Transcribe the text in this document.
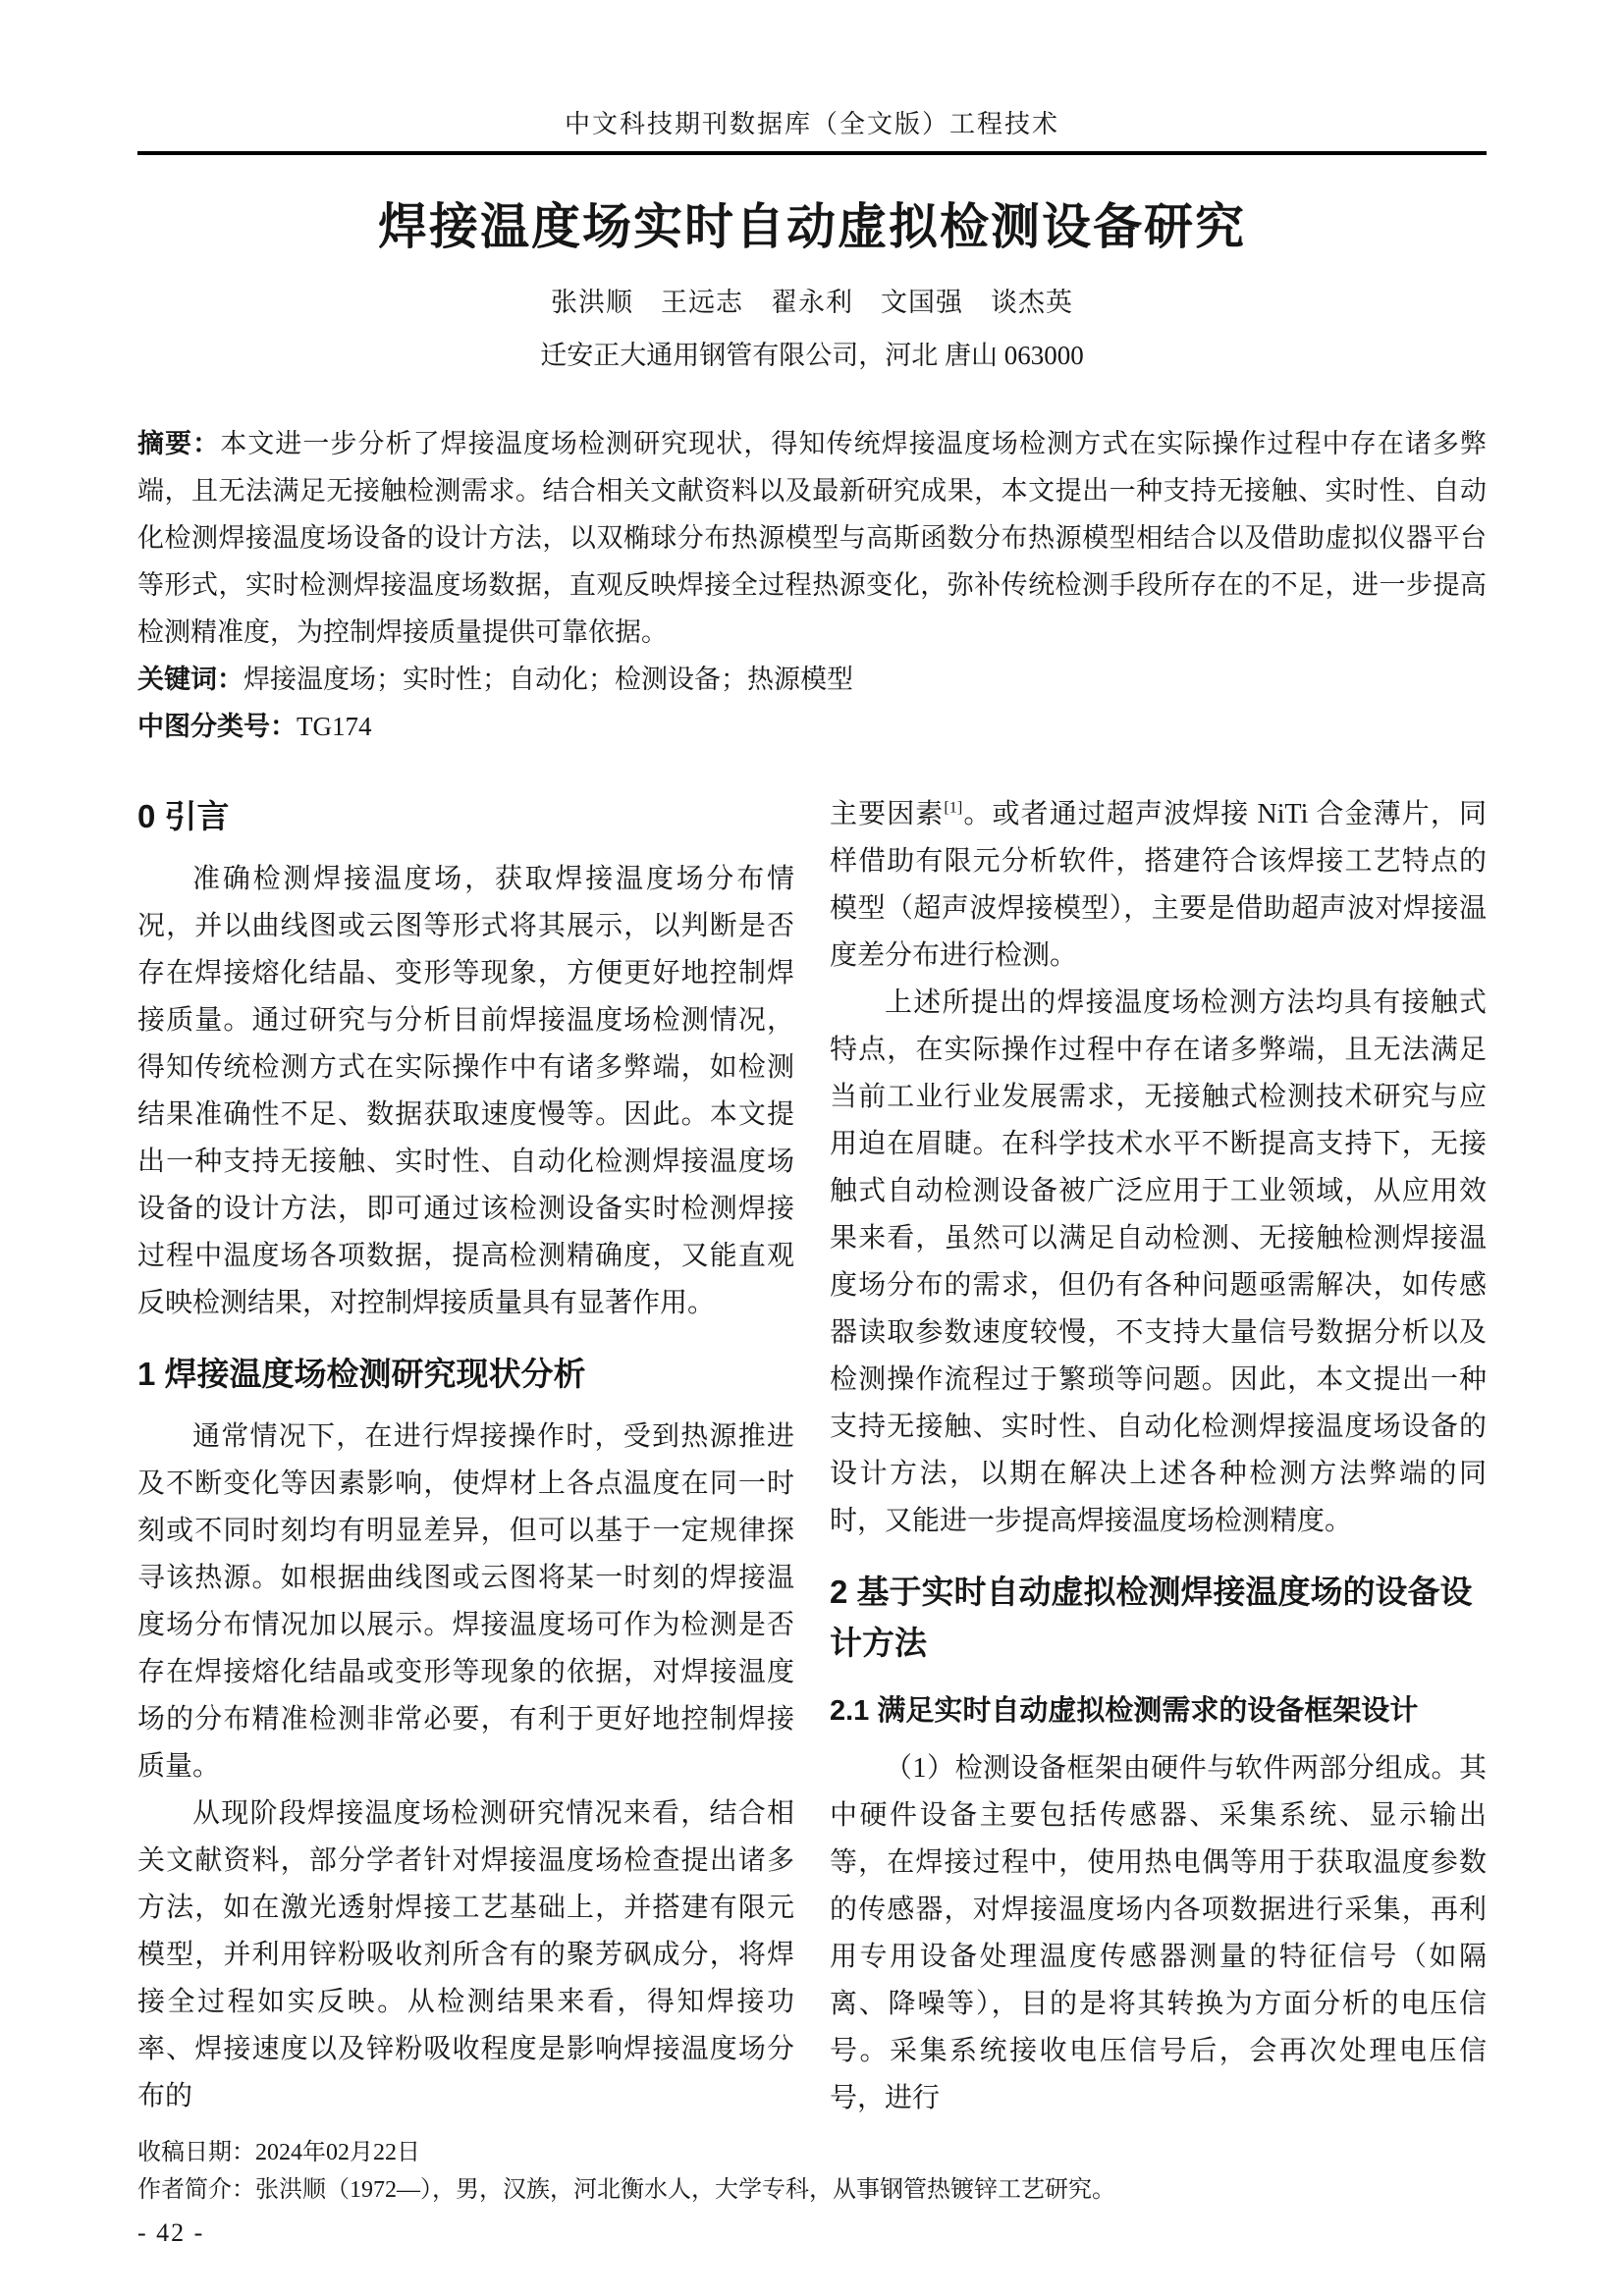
中文科技期刊数据库（全文版）工程技术
焊接温度场实时自动虚拟检测设备研究
张洪顺　王远志　翟永利　文国强　谈杰英
迁安正大通用钢管有限公司，河北 唐山 063000

摘要：本文进一步分析了焊接温度场检测研究现状，得知传统焊接温度场检测方式在实际操作过程中存在诸多弊端，且无法满足无接触检测需求。结合相关文献资料以及最新研究成果，本文提出一种支持无接触、实时性、自动化检测焊接温度场设备的设计方法，以双椭球分布热源模型与高斯函数分布热源模型相结合以及借助虚拟仪器平台等形式，实时检测焊接温度场数据，直观反映焊接全过程热源变化，弥补传统检测手段所存在的不足，进一步提高检测精准度，为控制焊接质量提供可靠依据。

关键词：焊接温度场；实时性；自动化；检测设备；热源模型

中图分类号：TG174

0 引言

准确检测焊接温度场，获取焊接温度场分布情况，并以曲线图或云图等形式将其展示，以判断是否存在焊接熔化结晶、变形等现象，方便更好地控制焊接质量。通过研究与分析目前焊接温度场检测情况，得知传统检测方式在实际操作中有诸多弊端，如检测结果准确性不足、数据获取速度慢等。因此。本文提出一种支持无接触、实时性、自动化检测焊接温度场设备的设计方法，即可通过该检测设备实时检测焊接过程中温度场各项数据，提高检测精确度，又能直观反映检测结果，对控制焊接质量具有显著作用。

1 焊接温度场检测研究现状分析

通常情况下，在进行焊接操作时，受到热源推进及不断变化等因素影响，使焊材上各点温度在同一时刻或不同时刻均有明显差异，但可以基于一定规律探寻该热源。如根据曲线图或云图将某一时刻的焊接温度场分布情况加以展示。焊接温度场可作为检测是否存在焊接熔化结晶或变形等现象的依据，对焊接温度场的分布精准检测非常必要，有利于更好地控制焊接质量。

从现阶段焊接温度场检测研究情况来看，结合相关文献资料，部分学者针对焊接温度场检查提出诸多方法，如在激光透射焊接工艺基础上，并搭建有限元模型，并利用锌粉吸收剂所含有的聚芳砜成分，将焊接全过程如实反映。从检测结果来看，得知焊接功率、焊接速度以及锌粉吸收程度是影响焊接温度场分布的

主要因素[1]。或者通过超声波焊接 NiTi 合金薄片，同样借助有限元分析软件，搭建符合该焊接工艺特点的模型（超声波焊接模型），主要是借助超声波对焊接温度差分布进行检测。

上述所提出的焊接温度场检测方法均具有接触式特点，在实际操作过程中存在诸多弊端，且无法满足当前工业行业发展需求，无接触式检测技术研究与应用迫在眉睫。在科学技术水平不断提高支持下，无接触式自动检测设备被广泛应用于工业领域，从应用效果来看，虽然可以满足自动检测、无接触检测焊接温度场分布的需求，但仍有各种问题亟需解决，如传感器读取参数速度较慢，不支持大量信号数据分析以及检测操作流程过于繁琐等问题。因此，本文提出一种支持无接触、实时性、自动化检测焊接温度场设备的设计方法，以期在解决上述各种检测方法弊端的同时，又能进一步提高焊接温度场检测精度。

2 基于实时自动虚拟检测焊接温度场的设备设计方法
2.1 满足实时自动虚拟检测需求的设备框架设计

（1）检测设备框架由硬件与软件两部分组成。其中硬件设备主要包括传感器、采集系统、显示输出等，在焊接过程中，使用热电偶等用于获取温度参数的传感器，对焊接温度场内各项数据进行采集，再利用专用设备处理温度传感器测量的特征信号（如隔离、降噪等），目的是将其转换为方面分析的电压信号。采集系统接收电压信号后，会再次处理电压信号，进行

收稿日期：2024年02月22日
作者简介：张洪顺（1972—），男，汉族，河北衡水人，大学专科，从事钢管热镀锌工艺研究。
- 42 -
